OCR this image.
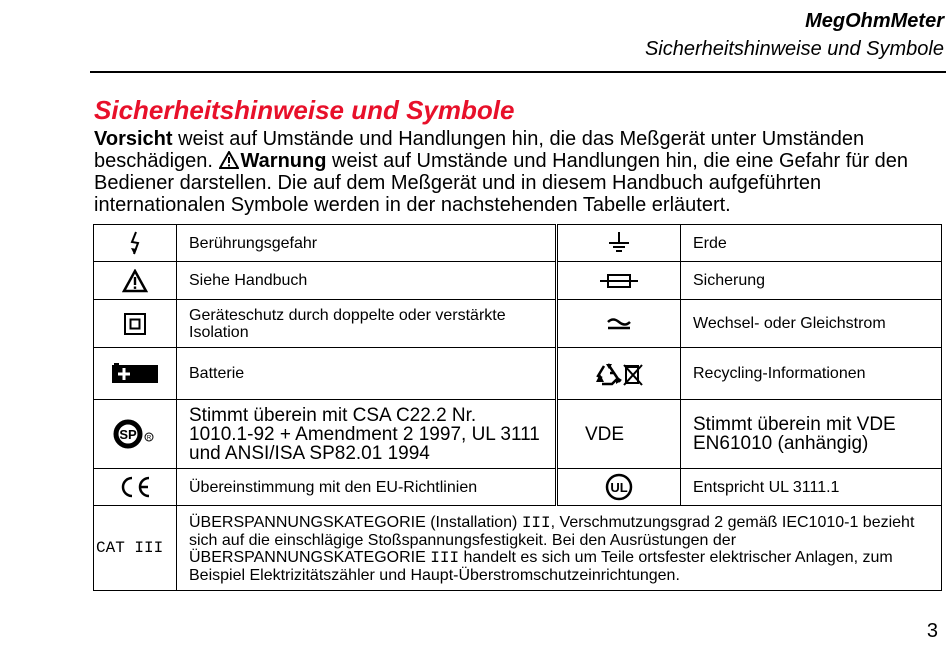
MegOhmMeter
Sicherheitshinweise und Symbole
Sicherheitshinweise und Symbole
Vorsicht weist auf Umstände und Handlungen hin, die das Meßgerät unter Umständen beschädigen.
Warnung weist auf Umstände und Handlungen hin, die eine Gefahr für den Bediener darstellen. Die auf dem Meßgerät und in diesem Handbuch aufgeführten internationalen Symbole werden in der nachstehenden Tabelle erläutert.
	Berührungsgefahr		Erde

	Siehe Handbuch		Sicherung

	Geräteschutz durch doppelte oder verstärkte Isolation		Wechsel- oder Gleichstrom

	Batterie		Recycling-Informationen

SP R	Stimmt überein mit CSA C22.2 Nr. 1010.1-92 + Amendment 2 1997, UL 3111 und ANSI/ISA SP82.01 1994	VDE	Stimmt überein mit VDE EN61010 (anhängig)

	Übereinstimmung mit den EU-Richtlinien	UL	Entspricht UL 3111.1
CAT III	ÜBERSPANNUNGSKATEGORIE (Installation) III, Verschmutzungsgrad 2 gemäß IEC1010-1 bezieht sich auf die einschlägige Stoßspannungsfestigkeit. Bei den Ausrüstungen der ÜBERSPANNUNGSKATEGORIE III handelt es sich um Teile ortsfester elektrischer Anlagen, zum Beispiel Elektrizitätszähler und Haupt-Überstromschutzeinrichtungen.		
3
